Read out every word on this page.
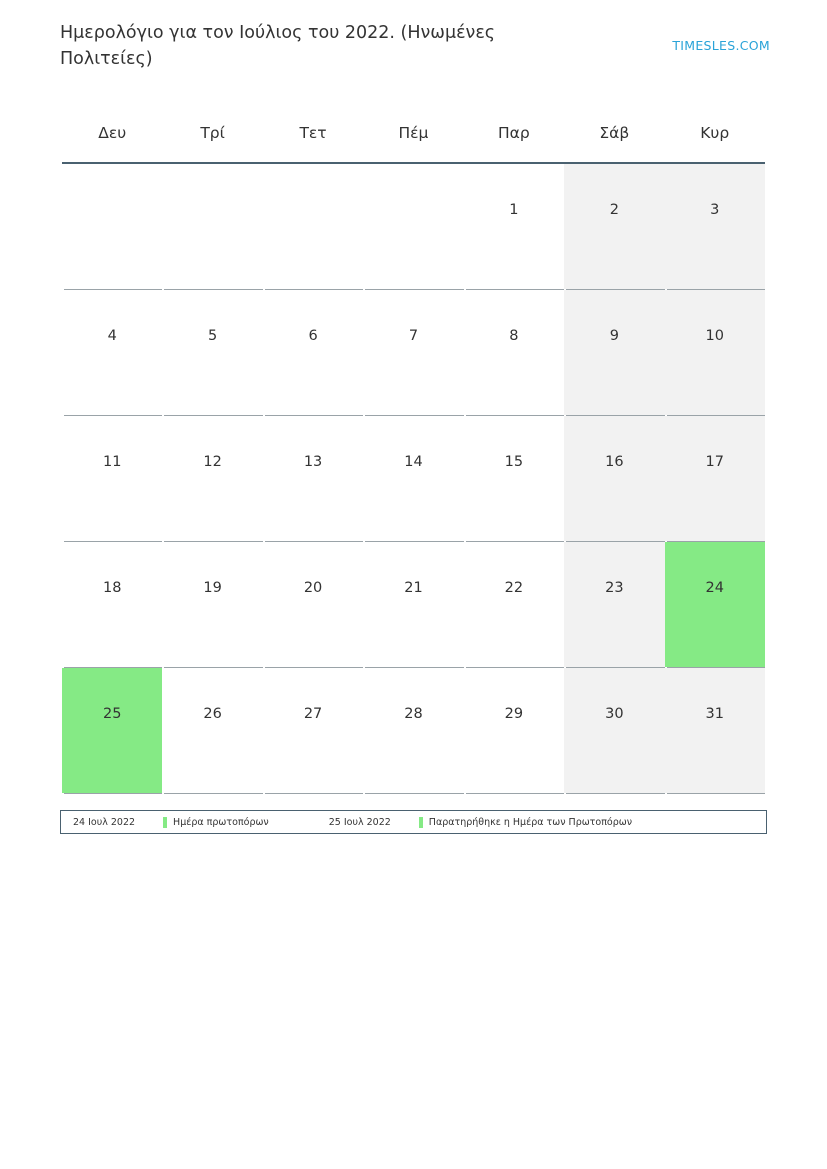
Ημερολόγιο για τον Ιούλιος του 2022. (Ηνωμένες Πολιτείες)
TIMESLES.COM
Δευ	Τρί	Τετ	Πέμ	Παρ	Σάβ	Κυρ

				1	2	3

4	5	6	7	8	9	10

11	12	13	14	15	16	17

18	19	20	21	22	23	24

25	26	27	28	29	30	31
24 Ιουλ 2022	Ημέρα πρωτοπόρων	25 Ιουλ 2022	Παρατηρήθηκε η Ημέρα των Πρωτοπόρων
